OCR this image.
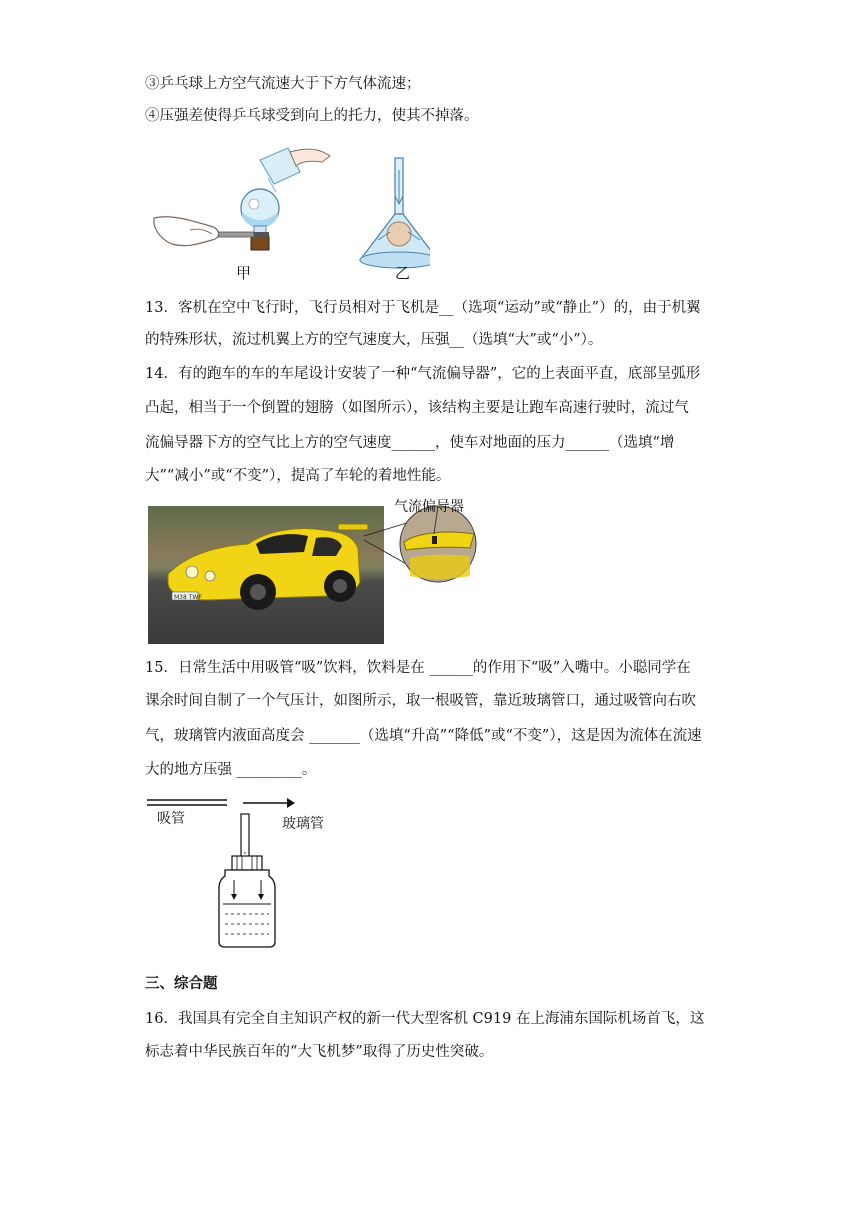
③乒乓球上方空气流速大于下方气体流速；
④压强差使得乒乓球受到向上的托力，使其不掉落。
甲	乙
13．客机在空中飞行时，飞行员相对于飞机是__（选项“运动”或“静止”）的，由于机翼
的特殊形状，流过机翼上方的空气速度大，压强__（选填“大”或“小”）。
14．有的跑车的车的车尾设计安装了一种“气流偏导器”，它的上表面平直，底部呈弧形
凸起，相当于一个倒置的翅膀（如图所示），该结构主要是让跑车高速行驶时，流过气
流偏导器下方的空气比上方的空气速度______，使车对地面的压力______（选填“增
大”“减小”或“不变”），提高了车轮的着地性能。
M38 TWF
气流偏导器
15．日常生活中用吸管“吸”饮料，饮料是在 ______的作用下“吸”入嘴中。小聪同学在
课余时间自制了一个气压计，如图所示，取一根吸管，靠近玻璃管口，通过吸管向右吹
气，玻璃管内液面高度会 _______（选填“升高”“降低”或“不变”），这是因为流体在流速
大的地方压强 _________。
吸管	玻璃管
三、综合题
16．我国具有完全自主知识产权的新一代大型客机 C919 在上海浦东国际机场首飞，这
标志着中华民族百年的“大飞机梦”取得了历史性突破。
